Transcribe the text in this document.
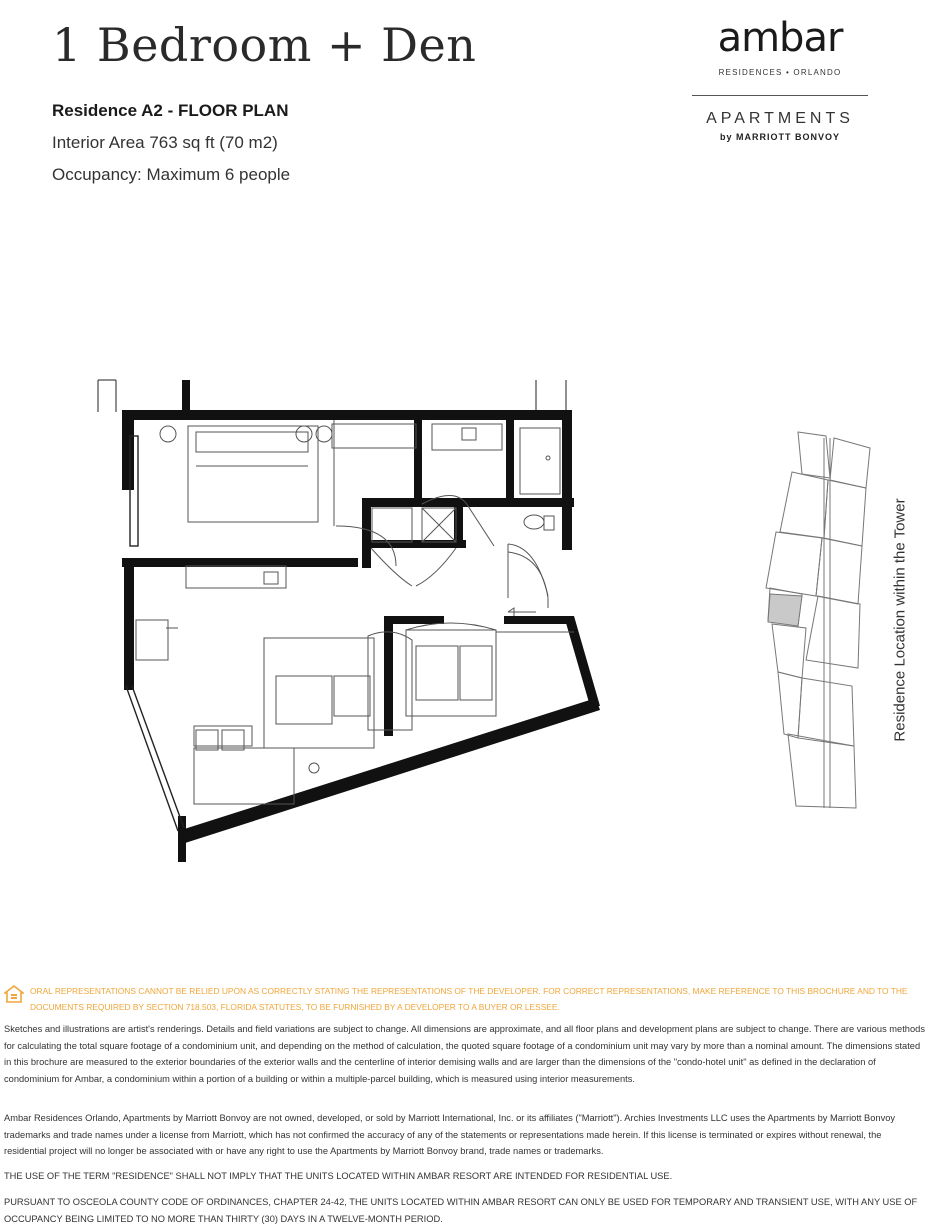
1 Bedroom + Den
Residence A2 - FLOOR PLAN
Interior Area 763 sq ft (70 m2)
Occupancy: Maximum 6 people
ambar
RESIDENCES • ORLANDO
APARTMENTS
by MARRIOTT BONVOY
Residence Location within the Tower
ORAL REPRESENTATIONS CANNOT BE RELIED UPON AS CORRECTLY STATING THE REPRESENTATIONS OF THE DEVELOPER. FOR CORRECT REPRESENTATIONS, MAKE REFERENCE TO THIS BROCHURE AND TO THE DOCUMENTS REQUIRED BY SECTION 718.503, FLORIDA STATUTES, TO BE FURNISHED BY A DEVELOPER TO A BUYER OR LESSEE.
Sketches and illustrations are artist's renderings. Details and field variations are subject to change. All dimensions are approximate, and all floor plans and development plans are subject to change. There are various methods for calculating the total square footage of a condominium unit, and depending on the method of calculation, the quoted square footage of a condominium unit may vary by more than a nominal amount. The dimensions stated in this brochure are measured to the exterior boundaries of the exterior walls and the centerline of interior demising walls and are larger than the dimensions of the "condo-hotel unit" as defined in the declaration of condominium for Ambar, a condominium within a portion of a building or within a multiple-parcel building, which is measured using interior measurements.
Ambar Residences Orlando, Apartments by Marriott Bonvoy are not owned, developed, or sold by Marriott International, Inc. or its affiliates ("Marriott"). Archies Investments LLC uses the Apartments by Marriott Bonvoy trademarks and trade names under a license from Marriott, which has not confirmed the accuracy of any of the statements or representations made herein. If this license is terminated or expires without renewal, the residential project will no longer be associated with or have any right to use the Apartments by Marriott Bonvoy brand, trade names or trademarks.
THE USE OF THE TERM "RESIDENCE" SHALL NOT IMPLY THAT THE UNITS LOCATED WITHIN AMBAR RESORT ARE INTENDED FOR RESIDENTIAL USE.
PURSUANT TO OSCEOLA COUNTY CODE OF ORDINANCES, CHAPTER 24-42, THE UNITS LOCATED WITHIN AMBAR RESORT CAN ONLY BE USED FOR TEMPORARY AND TRANSIENT USE, WITH ANY USE OF OCCUPANCY BEING LIMITED TO NO MORE THAN THIRTY (30) DAYS IN A TWELVE-MONTH PERIOD.
